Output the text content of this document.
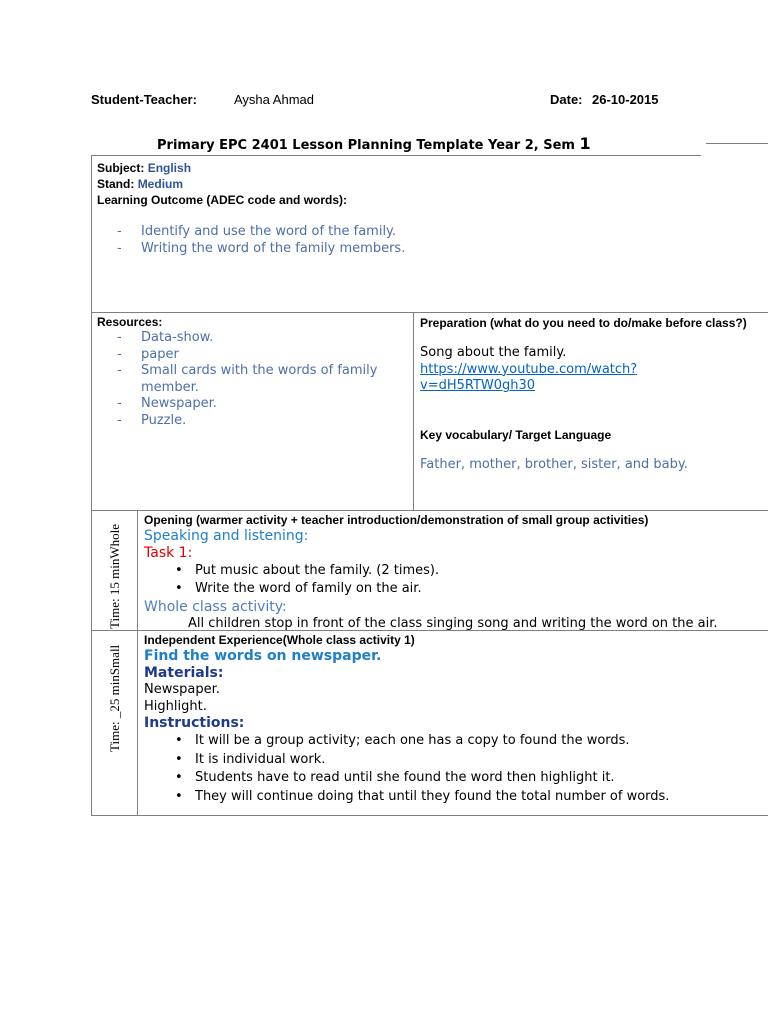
Student-Teacher:	Aysha Ahmad	Date: 26-10-2015
Primary EPC 2401 Lesson Planning Template Year 2, Sem 1
Subject: English
Stand: Medium
Learning Outcome (ADEC code and words):
- Identify and use the word of the family.
- Writing the word of the family members.
Resources:
- Data-show.
- paper
- Small cards with the words of family member.
- Newspaper.
- Puzzle.
Preparation (what do you need to do/make before class?)
Song about the family.
https://www.youtube.com/watch?
v=dH5RTW0gh30
Key vocabulary/ Target Language
Father, mother, brother, sister, and baby.
Time: 15 minWhole
Opening (warmer activity + teacher introduction/demonstration of small group activities)
Speaking and listening:
Task 1:
• Put music about the family. (2 times).
• Write the word of family on the air.
Whole class activity:
All children stop in front of the class singing song and writing the word on the air.
Time: _25 minSmall
Independent Experience(Whole class activity 1)
Find the words on newspaper.
Materials:
Newspaper.
Highlight.
Instructions:
• It will be a group activity; each one has a copy to found the words.
• It is individual work.
• Students have to read until she found the word then highlight it.
• They will continue doing that until they found the total number of words.
